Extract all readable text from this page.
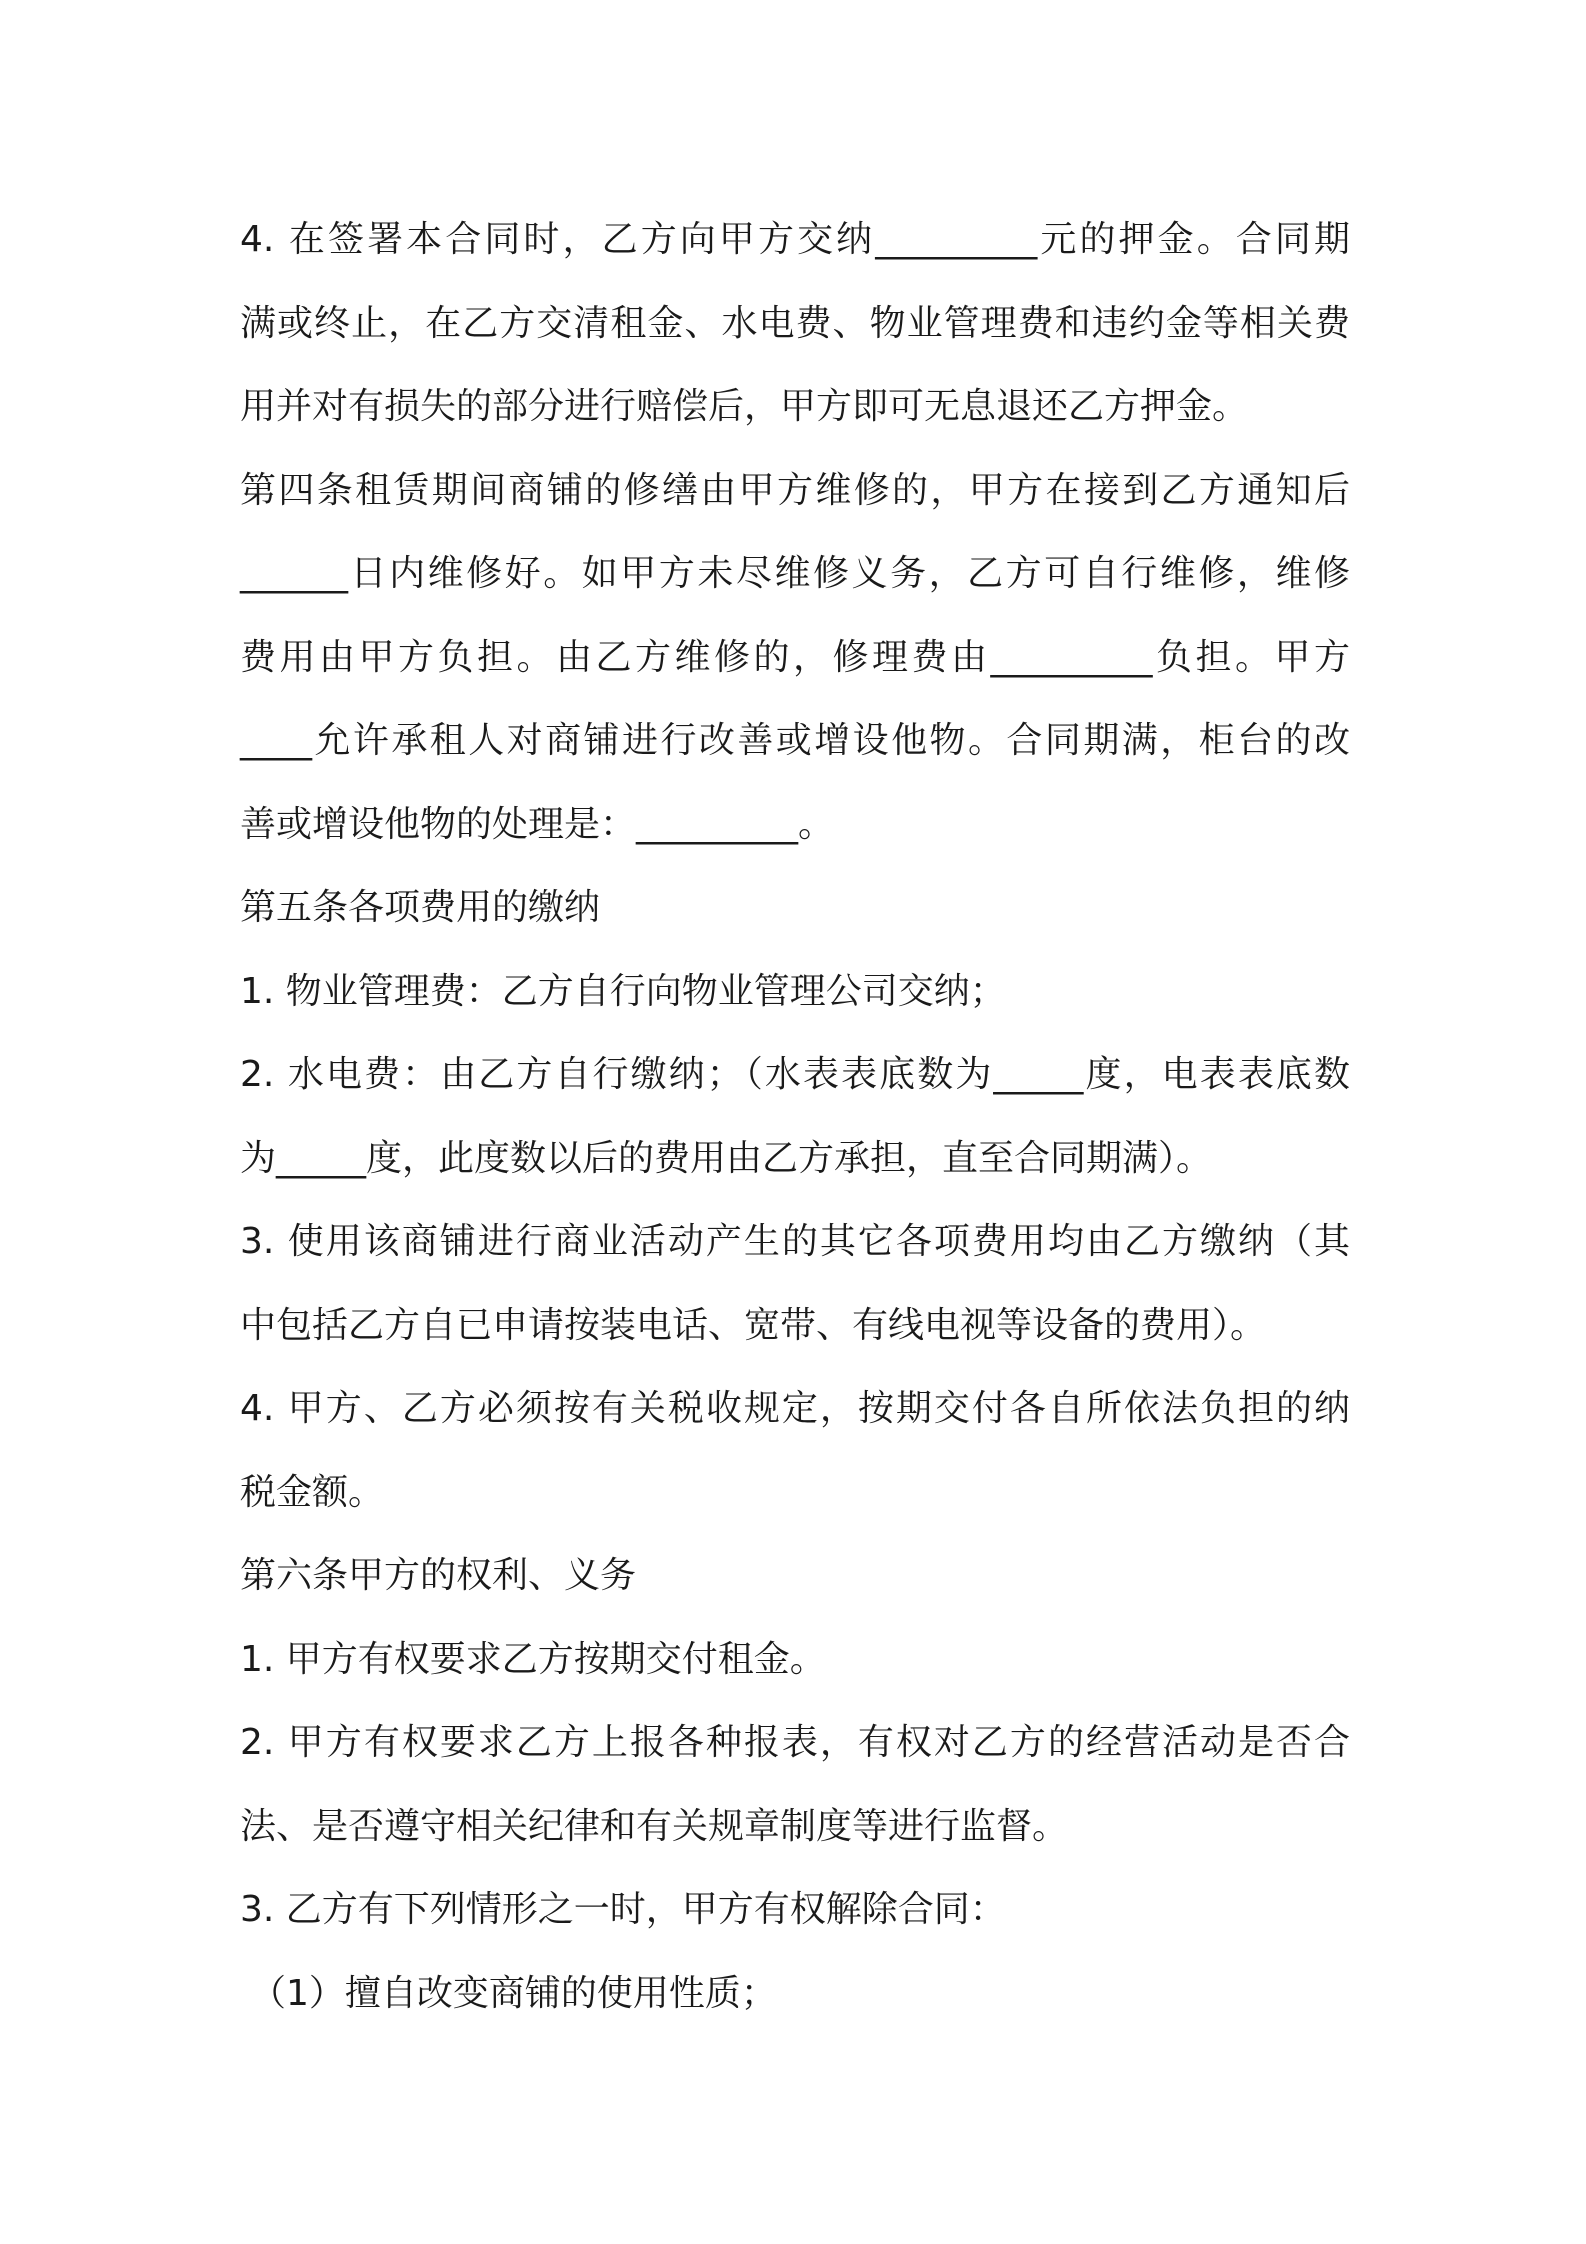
4. 在签署本合同时，乙方向甲方交纳_________元的押金。合同期
满或终止，在乙方交清租金、水电费、物业管理费和违约金等相关费
用并对有损失的部分进行赔偿后，甲方即可无息退还乙方押金。
第四条租赁期间商铺的修缮由甲方维修的，甲方在接到乙方通知后
______日内维修好。如甲方未尽维修义务，乙方可自行维修，维修
费用由甲方负担。由乙方维修的，修理费由_________负担。甲方
____允许承租人对商铺进行改善或增设他物。合同期满，柜台的改
善或增设他物的处理是：_________。
第五条各项费用的缴纳
1. 物业管理费：乙方自行向物业管理公司交纳；
2. 水电费：由乙方自行缴纳；（水表表底数为_____度，电表表底数
为_____度，此度数以后的费用由乙方承担，直至合同期满）。
3. 使用该商铺进行商业活动产生的其它各项费用均由乙方缴纳（其
中包括乙方自已申请按装电话、宽带、有线电视等设备的费用）。
4. 甲方、乙方必须按有关税收规定，按期交付各自所依法负担的纳
税金额。
第六条甲方的权利、义务
1. 甲方有权要求乙方按期交付租金。
2. 甲方有权要求乙方上报各种报表，有权对乙方的经营活动是否合
法、是否遵守相关纪律和有关规章制度等进行监督。
3. 乙方有下列情形之一时，甲方有权解除合同：
（1）擅自改变商铺的使用性质；
